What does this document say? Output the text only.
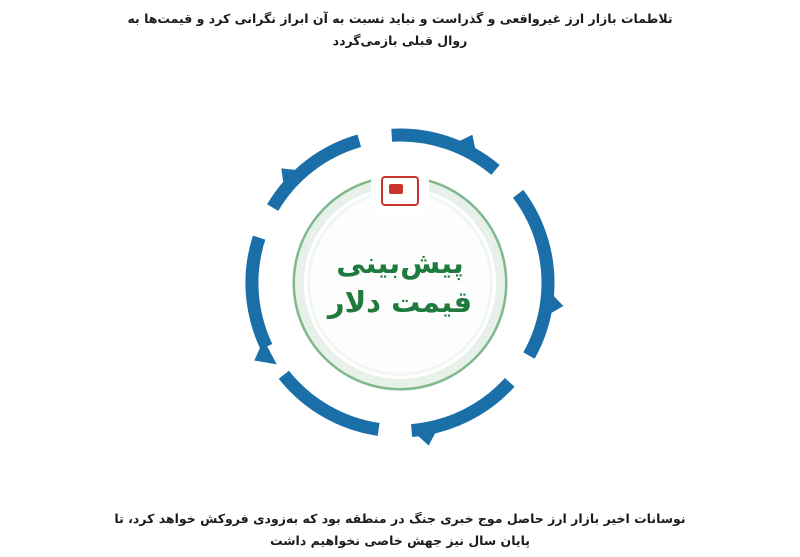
تلاطمات بازار ارز غیرواقعی و گذراست و نباید نسبت به آن ابراز نگرانی کرد و قیمت‌ها به روال قبلی بازمی‌گردد
پیش‌بینی
قیمت دلار
نوسانات اخیر بازار ارز حاصل موج خبری جنگ در منطقه بود که به‌زودی فروکش خواهد کرد، تا پایان سال نیز جهش خاصی نخواهیم داشت
